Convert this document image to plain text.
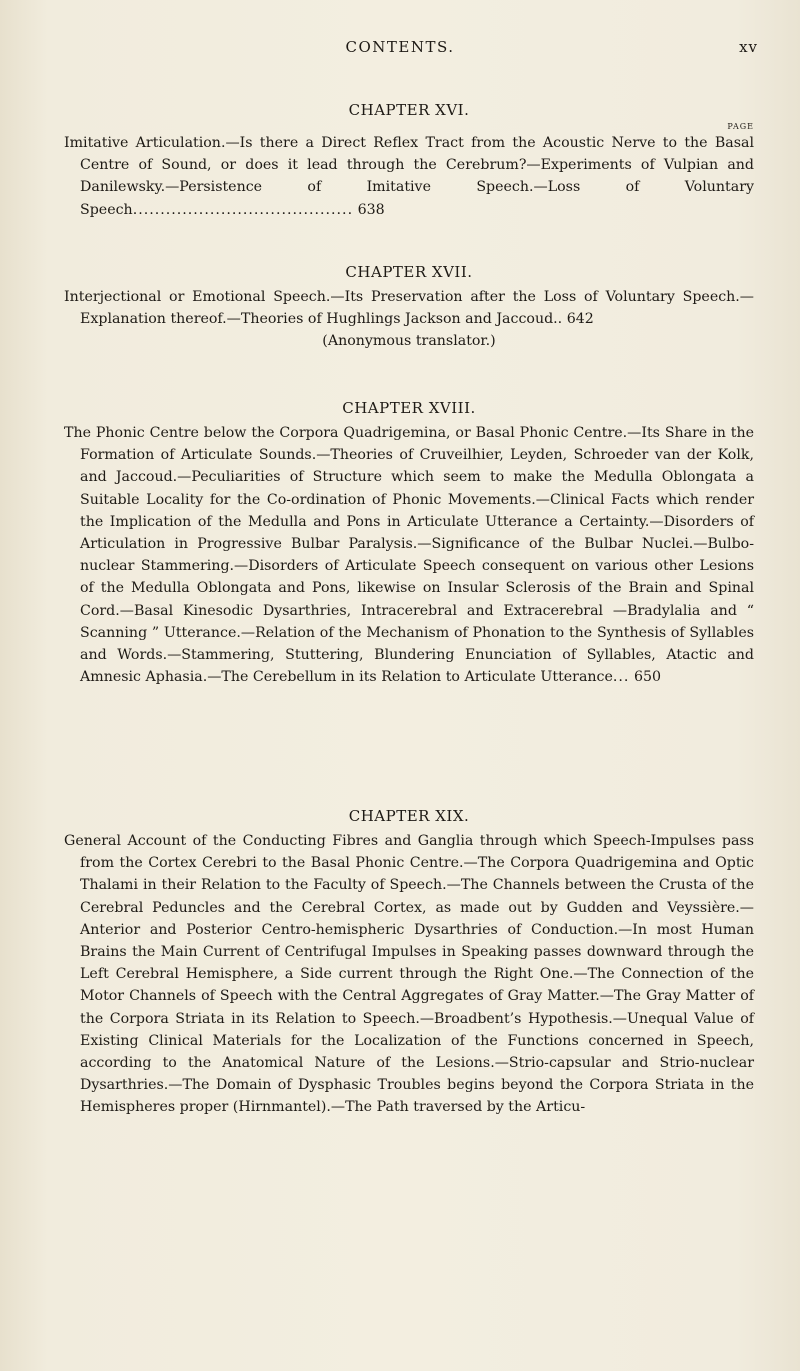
CONTENTS.	xv
CHAPTER XVI.
PAGE

Imitative Articulation.—Is there a Direct Reflex Tract from the Acoustic Nerve to the Basal Centre of Sound, or does it lead through the Cerebrum?—Experiments of Vulpian and Danilewsky.—Persistence of Imitative Speech.—Loss of Voluntary Speech........................................ 638

CHAPTER XVII.

Interjectional or Emotional Speech.—Its Preservation after the Loss of Voluntary Speech.—Explanation thereof.—Theories of Hughlings Jackson and Jaccoud.. 642

(Anonymous translator.)

CHAPTER XVIII.

The Phonic Centre below the Corpora Quadrigemina, or Basal Phonic Centre.—Its Share in the Formation of Articulate Sounds.—Theories of Cruveilhier, Leyden, Schroeder van der Kolk, and Jaccoud.—Peculiarities of Structure which seem to make the Medulla Oblongata a Suitable Locality for the Co-ordination of Phonic Movements.—Clinical Facts which render the Implication of the Medulla and Pons in Articulate Utterance a Certainty.—Disorders of Articulation in Progressive Bulbar Paralysis.—Significance of the Bulbar Nuclei.—Bulbo-nuclear Stammering.—Disorders of Articulate Speech consequent on various other Lesions of the Medulla Oblongata and Pons, likewise on Insular Sclerosis of the Brain and Spinal Cord.—Basal Kinesodic Dysarthries, Intracerebral and Extracerebral —Bradylalia and “ Scanning ” Utterance.—Relation of the Mechanism of Phonation to the Synthesis of Syllables and Words.—Stammering, Stuttering, Blundering Enunciation of Syllables, Atactic and Amnesic Aphasia.—The Cerebellum in its Relation to Articulate Utterance... 650

CHAPTER XIX.

General Account of the Conducting Fibres and Ganglia through which Speech-Impulses pass from the Cortex Cerebri to the Basal Phonic Centre.—The Corpora Quadrigemina and Optic Thalami in their Relation to the Faculty of Speech.—The Channels between the Crusta of the Cerebral Peduncles and the Cerebral Cortex, as made out by Gudden and Veyssière.—Anterior and Posterior Centro-hemispheric Dysarthries of Conduction.—In most Human Brains the Main Current of Centrifugal Impulses in Speaking passes downward through the Left Cerebral Hemisphere, a Side current through the Right One.—The Connection of the Motor Channels of Speech with the Central Aggregates of Gray Matter.—The Gray Matter of the Corpora Striata in its Relation to Speech.—Broadbent’s Hypothesis.—Unequal Value of Existing Clinical Materials for the Localization of the Functions concerned in Speech, according to the Anatomical Nature of the Lesions.—Strio-capsular and Strio-nuclear Dysarthries.—The Domain of Dysphasic Troubles begins beyond the Corpora Striata in the Hemispheres proper (Hirnmantel).—The Path traversed by the Articu-
